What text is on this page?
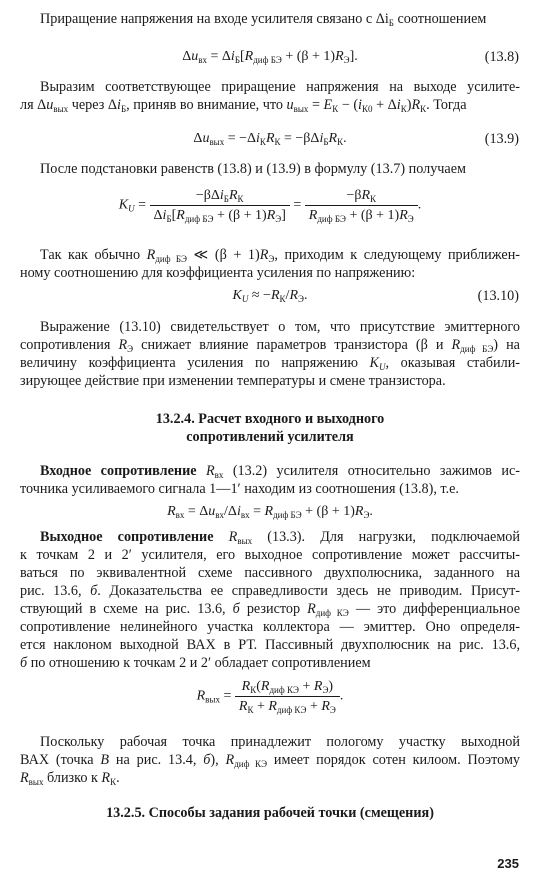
Приращение напряжения на входе усилителя связано с $\Delta i_Б$ соотношением
$\Delta u_{вх} = \Delta i_Б[R_{диф БЭ} + (\beta + 1)R_Э]$.	(13.8)
Выразим соответствующее приращение напряжения на выходе усилите-
ля $\Delta u_{вых}$ через $\Delta i_Б$, приняв во внимание, что $u_{вых} = E_К - (i_{К0} + \Delta i_К)R_К$. Тогда
$\Delta u_{вых} = -\Delta i_КR_К = -\beta\Delta i_БR_К$.	(13.9)
После подстановки равенств (13.8) и (13.9) в формулу (13.7) получаем
$K_U = \frac{-\beta\Delta i_БR_К}{\Delta i_Б[R_{диф БЭ} + (\beta + 1)R_Э]} = \frac{-\beta R_К}{R_{диф БЭ} + (\beta + 1)R_Э}$ .
Так как обычно $R_{диф БЭ}$ ≪ $(\beta + 1)R_Э$, приходим к следующему приближен-
ному соотношению для коэффициента усиления по напряжению:
$K_U \approx -R_К/R_Э$.	(13.10)
Выражение (13.10) свидетельствует о том, что присутствие эмиттерного
сопротивления $R_Э$ снижает влияние параметров транзистора (β и $R_{диф БЭ}$) на
величину коэффициента усиления по напряжению $K_U$, оказывая стабили-
зирующее действие при изменении температуры и смене транзистора.
13.2.4. Расчет входного и выходного
сопротивлений усилителя
Входное сопротивление $R_{вх}$ (13.2) усилителя относительно зажимов ис-
точника усиливаемого сигнала 1—1′ находим из соотношения (13.8), т.е.
$R_{вх} = \Delta u_{вх}/\Delta i_{вх} = R_{диф БЭ} + (\beta + 1)R_Э$.
Выходное сопротивление $R_{вых}$ (13.3). Для нагрузки, подключаемой
к точкам 2 и 2′ усилителя, его выходное сопротивление может рассчиты-
ваться по эквивалентной схеме пассивного двухполюсника, заданного на
рис. 13.6, б. Доказательства ее справедливости здесь не приводим. Присут-
ствующий в схеме на рис. 13.6, б резистор $R_{диф КЭ}$ — это дифференциальное
сопротивление нелинейного участка коллектора — эмиттер. Оно определя-
ется наклоном выходной ВАХ в РТ. Пассивный двухполюсник на рис. 13.6,
б по отношению к точкам 2 и 2′ обладает сопротивлением
$R_{вых} = \frac{R_К(R_{диф КЭ} + R_Э)}{R_К + R_{диф КЭ} + R_Э}$ .
Поскольку рабочая точка принадлежит пологому участку выходной
ВАХ (точка В на рис. 13.4, б), $R_{диф КЭ}$ имеет порядок сотен килоом. Поэтому
$R_{вых}$ близко к $R_К$.
13.2.5. Способы задания рабочей точки (смещения)
235
